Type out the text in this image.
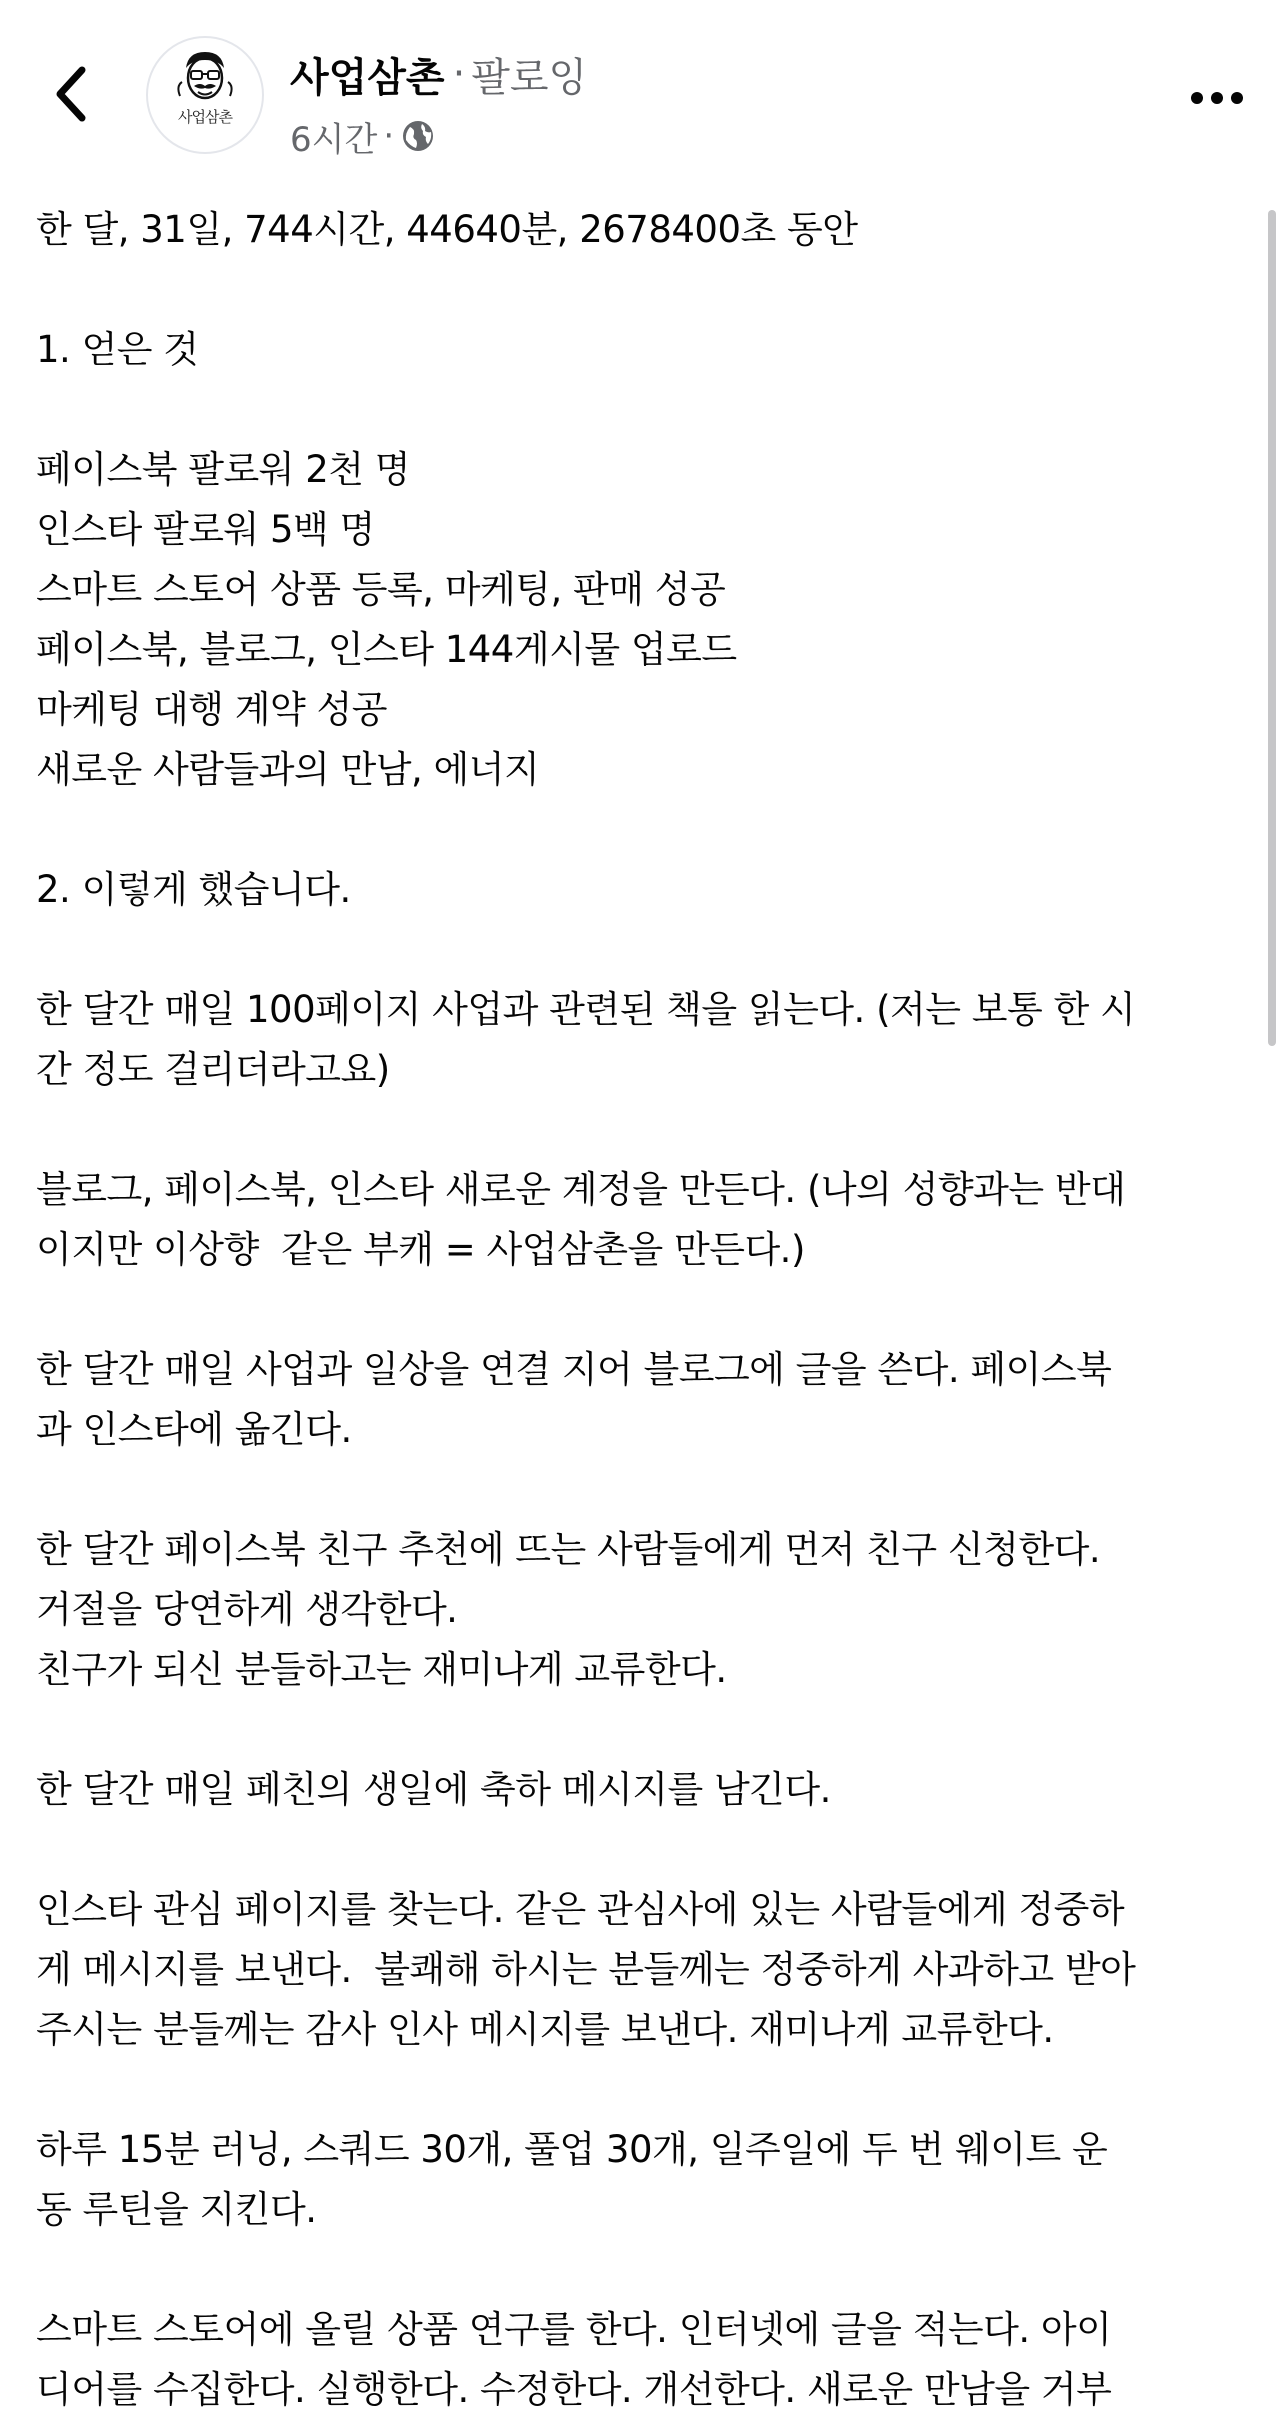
사업삼촌
사업삼촌 · 팔로잉
6시간 ·

한 달, 31일, 744시간, 44640분, 2678400초 동안

1. 얻은 것

페이스북 팔로워 2천 명
인스타 팔로워 5백 명
스마트 스토어 상품 등록, 마케팅, 판매 성공
페이스북, 블로그, 인스타 144게시물 업로드
마케팅 대행 계약 성공
새로운 사람들과의 만남, 에너지

2. 이렇게 했습니다.

한 달간 매일 100페이지 사업과 관련된 책을 읽는다. (저는 보통 한 시
간 정도 걸리더라고요)

블로그, 페이스북, 인스타 새로운 계정을 만든다. (나의 성향과는 반대
이지만 이상향  같은 부캐 = 사업삼촌을 만든다.)

한 달간 매일 사업과 일상을 연결 지어 블로그에 글을 쓴다. 페이스북
과 인스타에 옮긴다.

한 달간 페이스북 친구 추천에 뜨는 사람들에게 먼저 친구 신청한다.
거절을 당연하게 생각한다.
친구가 되신 분들하고는 재미나게 교류한다.

한 달간 매일 페친의 생일에 축하 메시지를 남긴다.

인스타 관심 페이지를 찾는다. 같은 관심사에 있는 사람들에게 정중하
게 메시지를 보낸다.  불쾌해 하시는 분들께는 정중하게 사과하고 받아
주시는 분들께는 감사 인사 메시지를 보낸다. 재미나게 교류한다.

하루 15분 러닝, 스쿼드 30개, 풀업 30개, 일주일에 두 번 웨이트 운
동 루틴을 지킨다.

스마트 스토어에 올릴 상품 연구를 한다. 인터넷에 글을 적는다. 아이
디어를 수집한다. 실행한다. 수정한다. 개선한다. 새로운 만남을 거부
